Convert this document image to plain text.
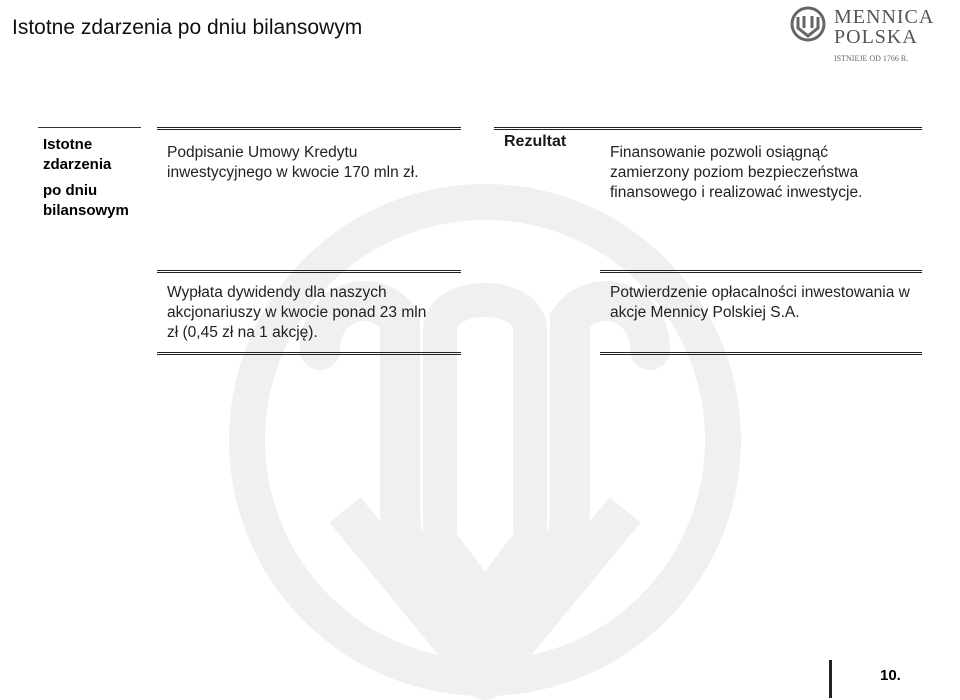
Istotne zdarzenia po dniu bilansowym	MENNICA
POLSKA
ISTNIEJE OD 1766 R.
Istotne
zdarzenia
po dniu
bilansowym
Podpisanie Umowy Kredytu inwestycyjnego w kwocie 170 mln zł.
Rezultat
Finansowanie pozwoli osiągnąć zamierzony poziom bezpieczeństwa finansowego i realizować inwestycje.
Wypłata dywidendy dla naszych akcjonariuszy w kwocie ponad 23 mln zł (0,45 zł na 1 akcję).
Potwierdzenie opłacalności inwestowania w akcje Mennicy Polskiej S.A.
10.
